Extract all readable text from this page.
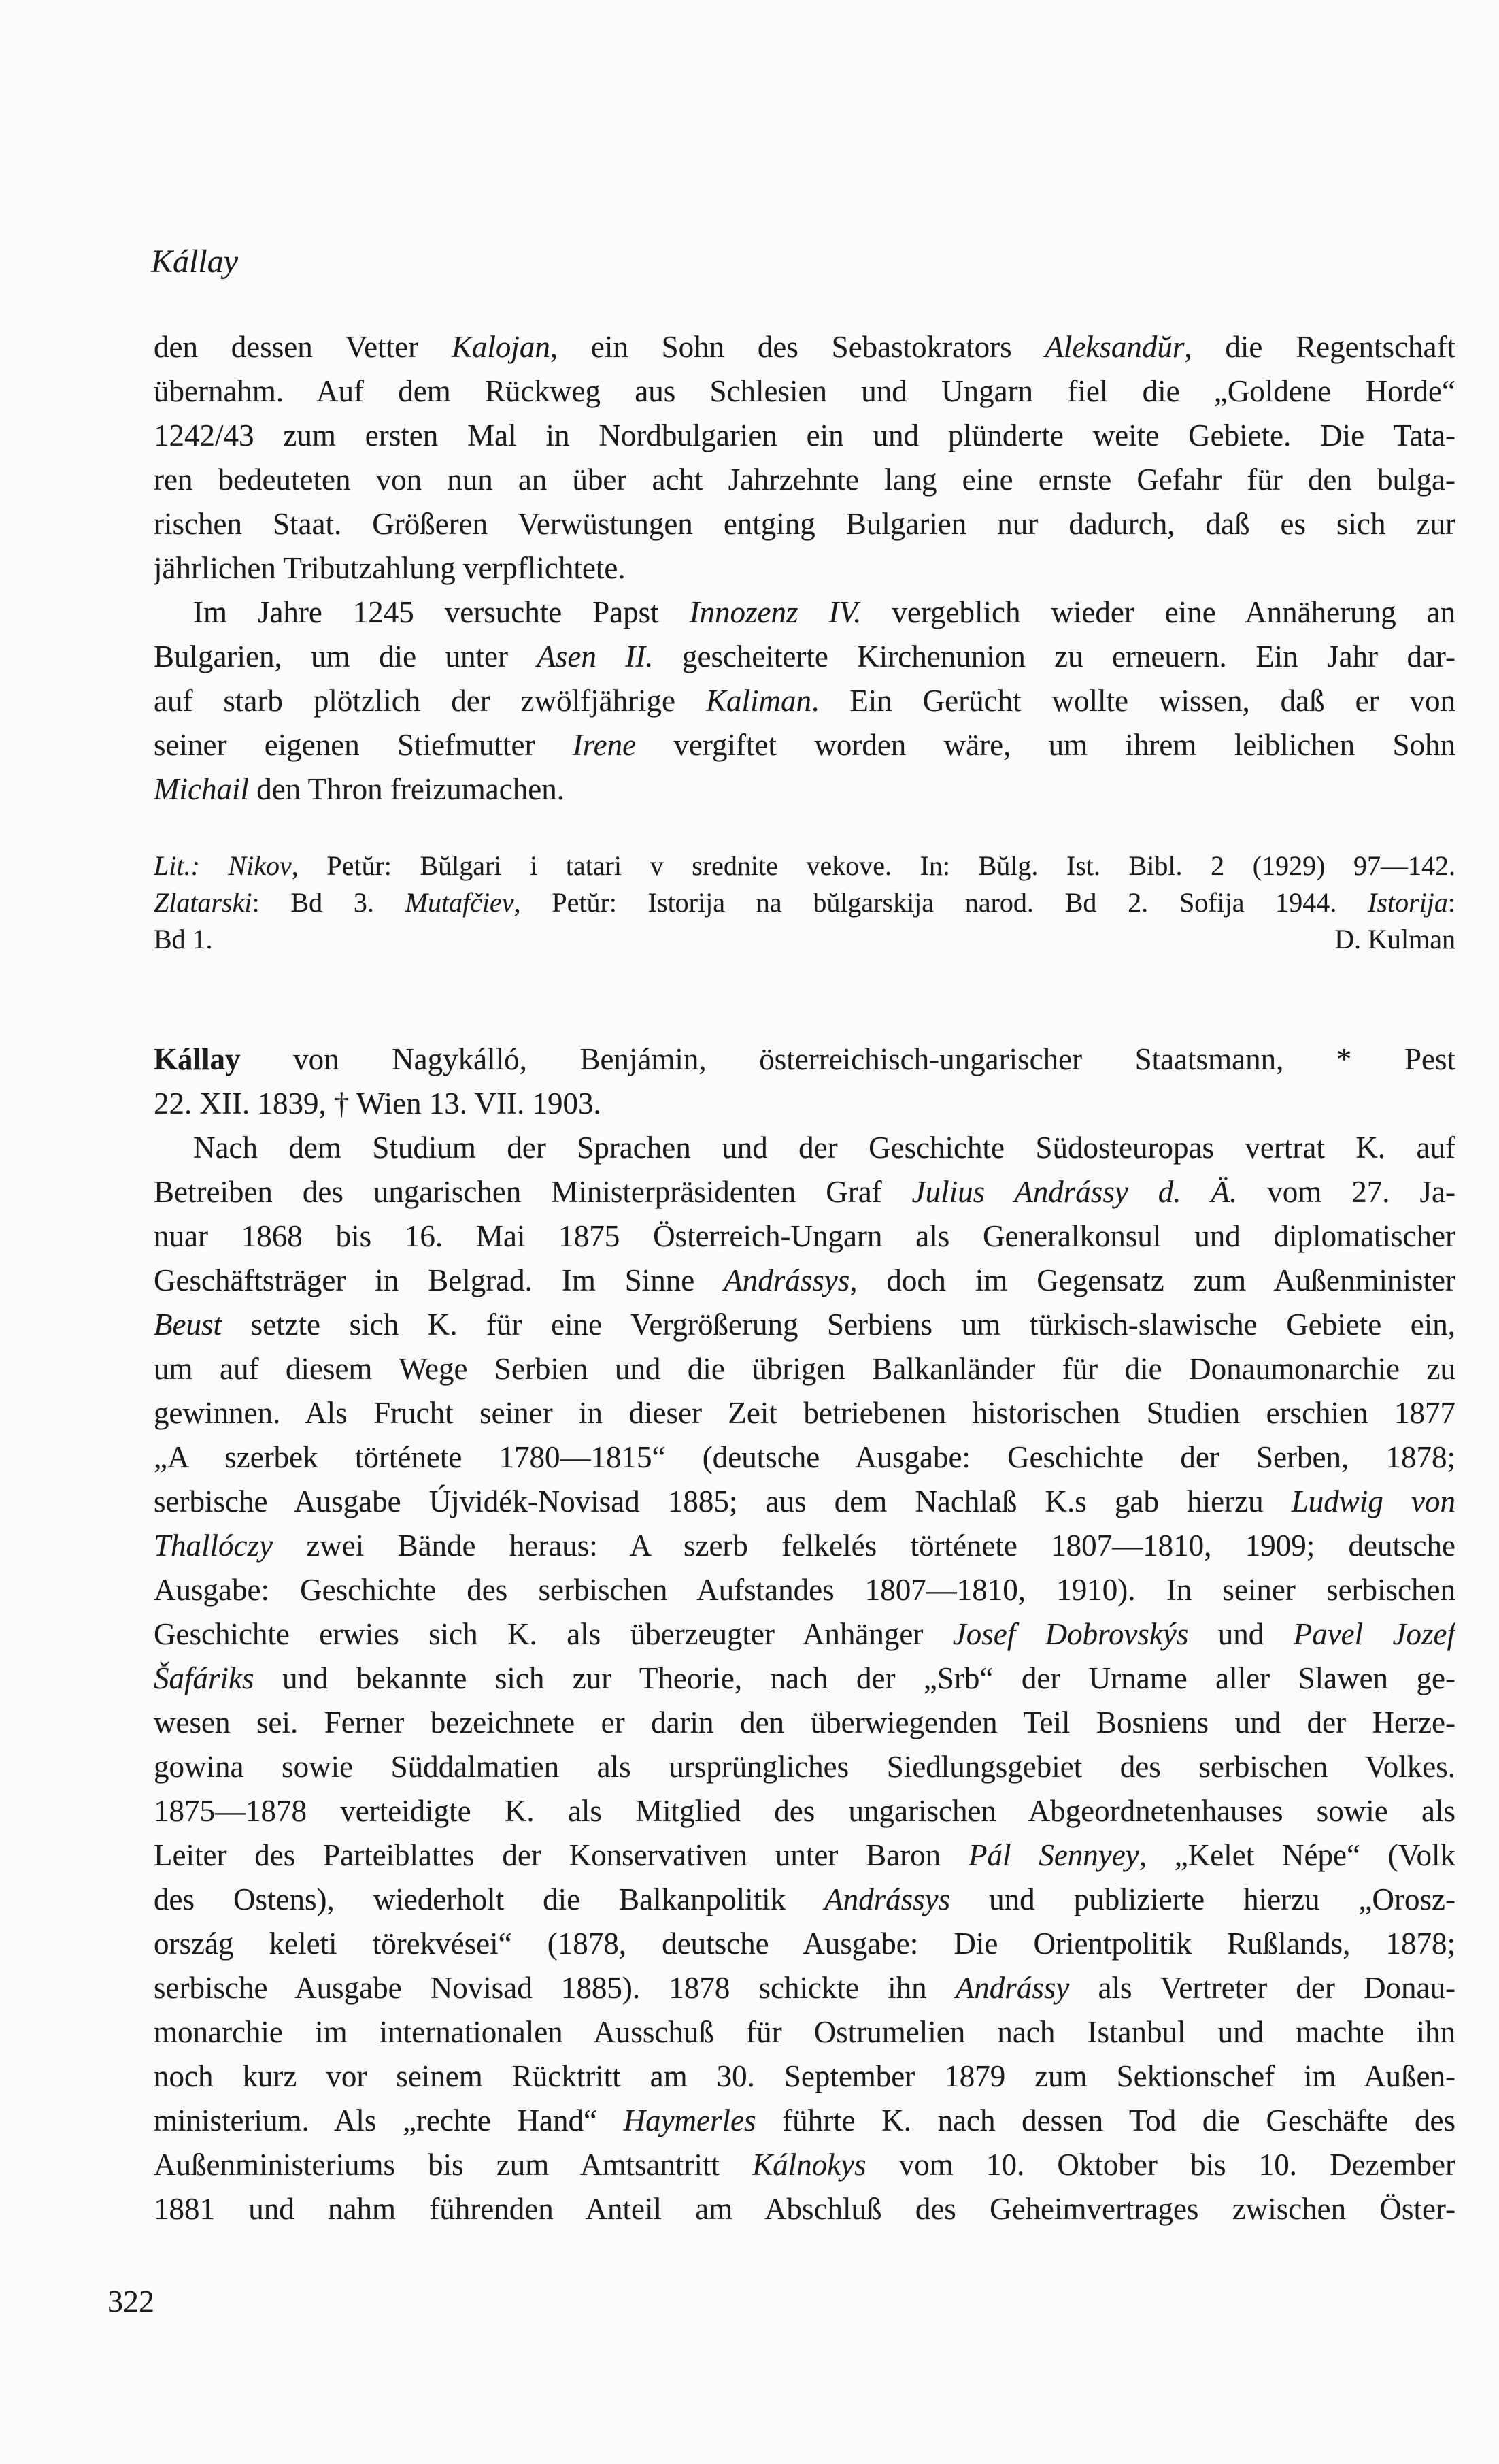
Kállay
den dessen Vetter Kalojan, ein Sohn des Sebastokrators Aleksandŭr, die Regentschaft
übernahm. Auf dem Rückweg aus Schlesien und Ungarn fiel die „Goldene Horde“
1242/43 zum ersten Mal in Nordbulgarien ein und plünderte weite Gebiete. Die Tata-
ren bedeuteten von nun an über acht Jahrzehnte lang eine ernste Gefahr für den bulga-
rischen Staat. Größeren Verwüstungen entging Bulgarien nur dadurch, daß es sich zur
jährlichen Tributzahlung verpflichtete.
Im Jahre 1245 versuchte Papst Innozenz IV. vergeblich wieder eine Annäherung an
Bulgarien, um die unter Asen II. gescheiterte Kirchenunion zu erneuern. Ein Jahr dar-
auf starb plötzlich der zwölfjährige Kaliman. Ein Gerücht wollte wissen, daß er von
seiner eigenen Stiefmutter Irene vergiftet worden wäre, um ihrem leiblichen Sohn
Michail den Thron freizumachen.
Lit.: Nikov, Petŭr: Bŭlgari i tatari v srednite vekove. In: Bŭlg. Ist. Bibl. 2 (1929) 97—142.
Zlatarski: Bd 3. Mutafčiev, Petŭr: Istorija na bŭlgarskija narod. Bd 2. Sofija 1944. Istorija:
Bd 1.	D. Kulman
Kállay von Nagykálló, Benjámin, österreichisch-ungarischer Staatsmann, * Pest
22. XII. 1839, † Wien 13. VII. 1903.
Nach dem Studium der Sprachen und der Geschichte Südosteuropas vertrat K. auf
Betreiben des ungarischen Ministerpräsidenten Graf Julius Andrássy d. Ä. vom 27. Ja-
nuar 1868 bis 16. Mai 1875 Österreich-Ungarn als Generalkonsul und diplomatischer
Geschäftsträger in Belgrad. Im Sinne Andrássys, doch im Gegensatz zum Außenminister
Beust setzte sich K. für eine Vergrößerung Serbiens um türkisch-slawische Gebiete ein,
um auf diesem Wege Serbien und die übrigen Balkanländer für die Donaumonarchie zu
gewinnen. Als Frucht seiner in dieser Zeit betriebenen historischen Studien erschien 1877
„A szerbek története 1780—1815“ (deutsche Ausgabe: Geschichte der Serben, 1878;
serbische Ausgabe Újvidék-Novisad 1885; aus dem Nachlaß K.s gab hierzu Ludwig von
Thallóczy zwei Bände heraus: A szerb felkelés története 1807—1810, 1909; deutsche
Ausgabe: Geschichte des serbischen Aufstandes 1807—1810, 1910). In seiner serbischen
Geschichte erwies sich K. als überzeugter Anhänger Josef Dobrovskýs und Pavel Jozef
Šafáriks und bekannte sich zur Theorie, nach der „Srb“ der Urname aller Slawen ge-
wesen sei. Ferner bezeichnete er darin den überwiegenden Teil Bosniens und der Herze-
gowina sowie Süddalmatien als ursprüngliches Siedlungsgebiet des serbischen Volkes.
1875—1878 verteidigte K. als Mitglied des ungarischen Abgeordnetenhauses sowie als
Leiter des Parteiblattes der Konservativen unter Baron Pál Sennyey, „Kelet Népe“ (Volk
des Ostens), wiederholt die Balkanpolitik Andrássys und publizierte hierzu „Orosz-
ország keleti törekvései“ (1878, deutsche Ausgabe: Die Orientpolitik Rußlands, 1878;
serbische Ausgabe Novisad 1885). 1878 schickte ihn Andrássy als Vertreter der Donau-
monarchie im internationalen Ausschuß für Ostrumelien nach Istanbul und machte ihn
noch kurz vor seinem Rücktritt am 30. September 1879 zum Sektionschef im Außen-
ministerium. Als „rechte Hand“ Haymerles führte K. nach dessen Tod die Geschäfte des
Außenministeriums bis zum Amtsantritt Kálnokys vom 10. Oktober bis 10. Dezember
1881 und nahm führenden Anteil am Abschluß des Geheimvertrages zwischen Öster-
322
